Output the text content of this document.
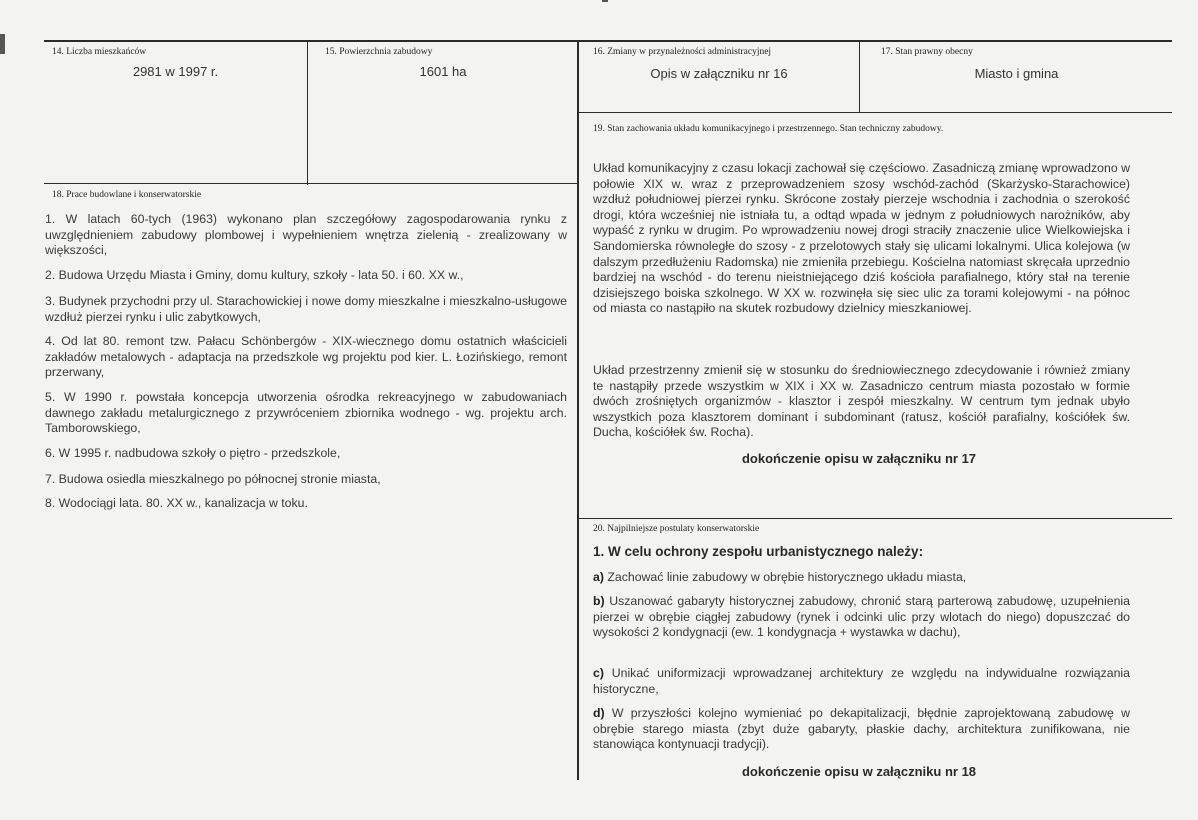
14. Liczba mieszkańców
2981 w 1997 r.
15. Powierzchnia zabudowy
1601 ha
16. Zmiany w przynależności administracyjnej
Opis w załączniku nr 16
17. Stan prawny obecny
Miasto i gmina
18. Prace budowlane i konserwatorskie
1. W latach 60-tych (1963) wykonano plan szczegółowy zagospodarowania rynku z uwzględnieniem zabudowy plombowej i wypełnieniem wnętrza zielenią - zrealizowany w większości,
2. Budowa Urzędu Miasta i Gminy, domu kultury, szkoły - lata 50. i 60. XX w.,
3. Budynek przychodni przy ul. Starachowickiej i nowe domy mieszkalne i mieszkalno-usługowe wzdłuż pierzei rynku i ulic zabytkowych,
4. Od lat 80. remont tzw. Pałacu Schönbergów - XIX-wiecznego domu ostatnich właścicieli zakładów metalowych - adaptacja na przedszkole wg projektu pod kier. L. Łozińskiego, remont przerwany,
5. W 1990 r. powstała koncepcja utworzenia ośrodka rekreacyjnego w zabudowaniach dawnego zakładu metalurgicznego z przywróceniem zbiornika wodnego - wg. projektu arch. Tamborowskiego,
6. W 1995 r. nadbudowa szkoły o piętro - przedszkole,
7. Budowa osiedla mieszkalnego po północnej stronie miasta,
8. Wodociągi lata. 80. XX w., kanalizacja w toku.
19. Stan zachowania układu komunikacyjnego i przestrzennego. Stan techniczny zabudowy.
Układ komunikacyjny z czasu lokacji zachował się częściowo. Zasadniczą zmianę wprowadzono w połowie XIX w. wraz z przeprowadzeniem szosy wschód-zachód (Skarżysko-Starachowice) wzdłuż południowej pierzei rynku. Skrócone zostały pierzeje wschodnia i zachodnia o szerokość drogi, która wcześniej nie istniała tu, a odtąd wpada w jednym z południowych narożników, aby wypaść z rynku w drugim. Po wprowadzeniu nowej drogi straciły znaczenie ulice Wielkowiejska i Sandomierska równoległe do szosy - z przelotowych stały się ulicami lokalnymi. Ulica kolejowa (w dalszym przedłużeniu Radomska) nie zmieniła przebiegu. Kościelna natomiast skręcała uprzednio bardziej na wschód - do terenu nieistniejącego dziś kościoła parafialnego, który stał na terenie dzisiejszego boiska szkolnego. W XX w. rozwinęła się siec ulic za torami kolejowymi - na północ od miasta co nastąpiło na skutek rozbudowy dzielnicy mieszkaniowej.
Układ przestrzenny zmienił się w stosunku do średniowiecznego zdecydowanie i również zmiany te nastąpiły przede wszystkim w XIX i XX w. Zasadniczo centrum miasta pozostało w formie dwóch zrośniętych organizmów - klasztor i zespół mieszkalny. W centrum tym jednak ubyło wszystkich poza klasztorem dominant i subdominant (ratusz, kościół parafialny, kościółek św. Ducha, kościółek św. Rocha).
dokończenie opisu w załączniku nr 17
20. Najpilniejsze postulaty konserwatorskie
1. W celu ochrony zespołu urbanistycznego należy:
a) Zachować linie zabudowy w obrębie historycznego układu miasta,
b) Uszanować gabaryty historycznej zabudowy, chronić starą parterową zabudowę, uzupełnienia pierzei w obrębie ciągłej zabudowy (rynek i odcinki ulic przy wlotach do niego) dopuszczać do wysokości 2 kondygnacji (ew. 1 kondygnacja + wystawka w dachu),
c) Unikać uniformizacji wprowadzanej architektury ze względu na indywidualne rozwiązania historyczne,
d) W przyszłości kolejno wymieniać po dekapitalizacji, błędnie zaprojektowaną zabudowę w obrębie starego miasta (zbyt duże gabaryty, płaskie dachy, architektura zunifikowana, nie stanowiąca kontynuacji tradycji).
dokończenie opisu w załączniku nr 18
